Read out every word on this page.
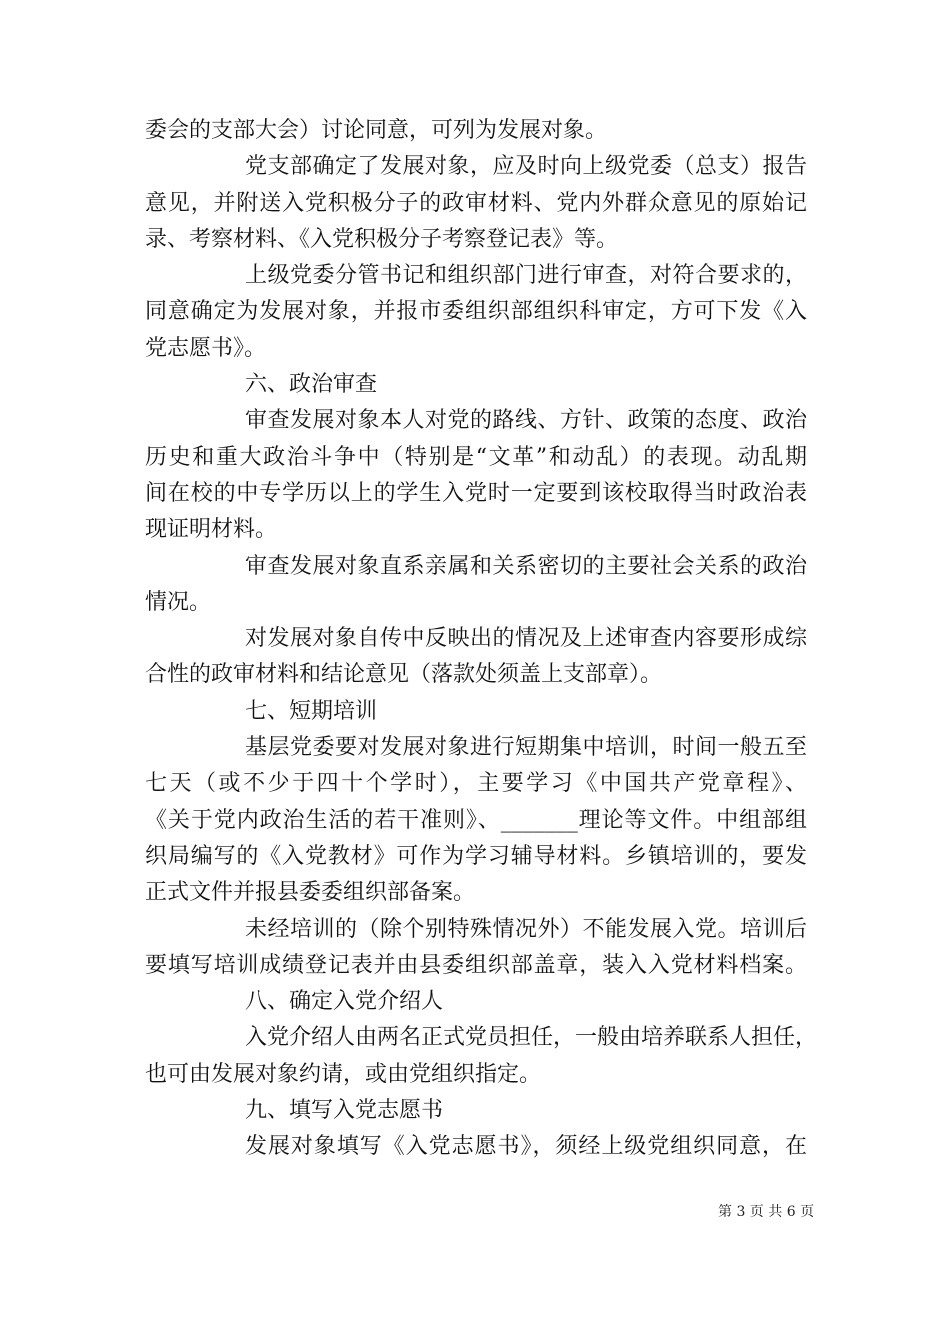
委会的支部大会）讨论同意，可列为发展对象。
党支部确定了发展对象，应及时向上级党委（总支）报告
意见，并附送入党积极分子的政审材料、党内外群众意见的原始记
录、考察材料、《入党积极分子考察登记表》等。
上级党委分管书记和组织部门进行审查，对符合要求的，
同意确定为发展对象，并报市委组织部组织科审定，方可下发《入
党志愿书》。
六、政治审查
审查发展对象本人对党的路线、方针、政策的态度、政治
历史和重大政治斗争中（特别是“文革”和动乱）的表现。动乱期
间在校的中专学历以上的学生入党时一定要到该校取得当时政治表
现证明材料。
审查发展对象直系亲属和关系密切的主要社会关系的政治
情况。
对发展对象自传中反映出的情况及上述审查内容要形成综
合性的政审材料和结论意见（落款处须盖上支部章）。
七、短期培训
基层党委要对发展对象进行短期集中培训，时间一般五至
七天（或不少于四十个学时），主要学习《中国共产党章程》、
《关于党内政治生活的若干准则》、_______理论等文件。中组部组
织局编写的《入党教材》可作为学习辅导材料。乡镇培训的，要发
正式文件并报县委委组织部备案。
未经培训的（除个别特殊情况外）不能发展入党。培训后
要填写培训成绩登记表并由县委组织部盖章，装入入党材料档案。
八、确定入党介绍人
入党介绍人由两名正式党员担任，一般由培养联系人担任，
也可由发展对象约请，或由党组织指定。
九、填写入党志愿书
发展对象填写《入党志愿书》，须经上级党组织同意，在
第 3 页 共 6 页
